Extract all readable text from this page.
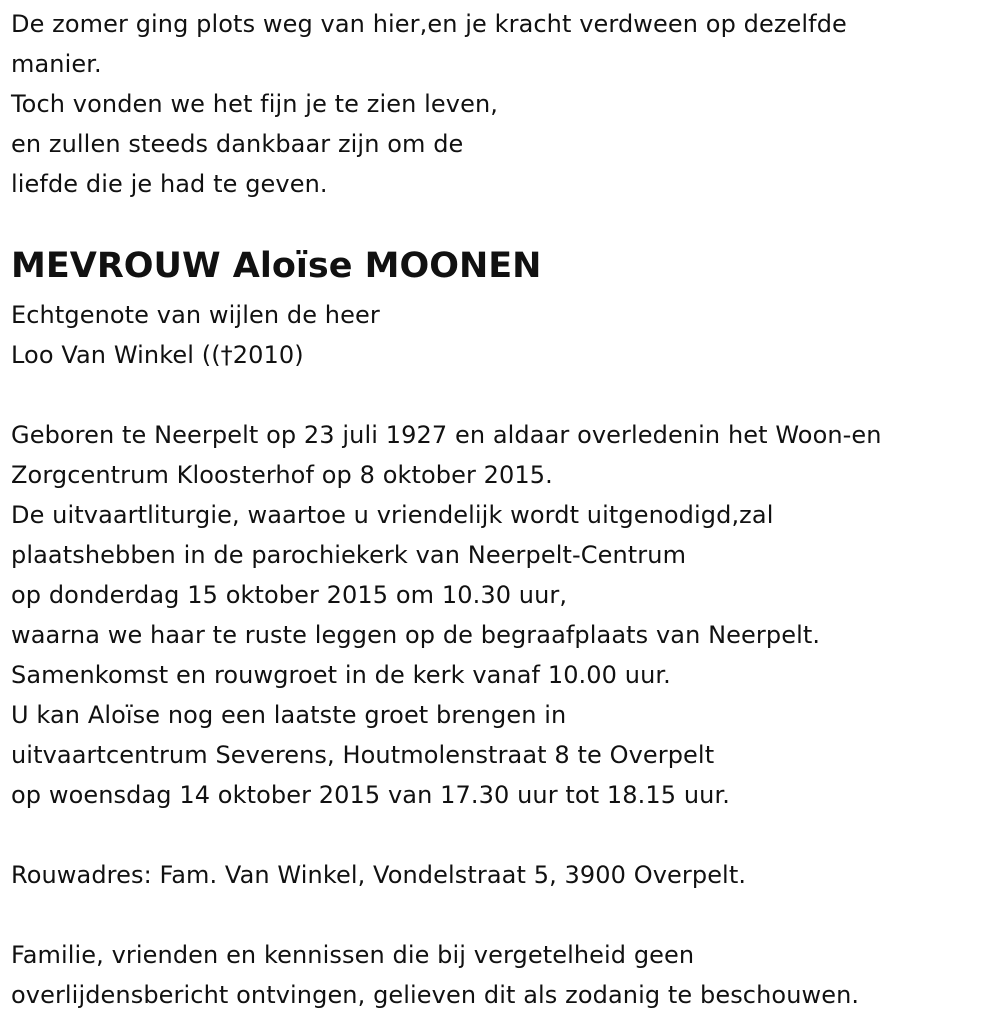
De zomer ging plots weg van hier,en je kracht verdween op dezelfde
manier.
Toch vonden we het fijn je te zien leven,
en zullen steeds dankbaar zijn om de
liefde die je had te geven.
MEVROUW Aloïse MOONEN
Echtgenote van wijlen de heer
Loo Van Winkel ((†2010)
Geboren te Neerpelt op 23 juli 1927 en aldaar overledenin het Woon-en
Zorgcentrum Kloosterhof op 8 oktober 2015.
De uitvaartliturgie, waartoe u vriendelijk wordt uitgenodigd,zal
plaatshebben in de parochiekerk van Neerpelt-Centrum
op donderdag 15 oktober 2015 om 10.30 uur,
waarna we haar te ruste leggen op de begraafplaats van Neerpelt.
Samenkomst en rouwgroet in de kerk vanaf 10.00 uur.
U kan Aloïse nog een laatste groet brengen in
uitvaartcentrum Severens, Houtmolenstraat 8 te Overpelt
op woensdag 14 oktober 2015 van 17.30 uur tot 18.15 uur.
Rouwadres: Fam. Van Winkel, Vondelstraat 5, 3900 Overpelt.
Familie, vrienden en kennissen die bij vergetelheid geen
overlijdensbericht ontvingen, gelieven dit als zodanig te beschouwen.
